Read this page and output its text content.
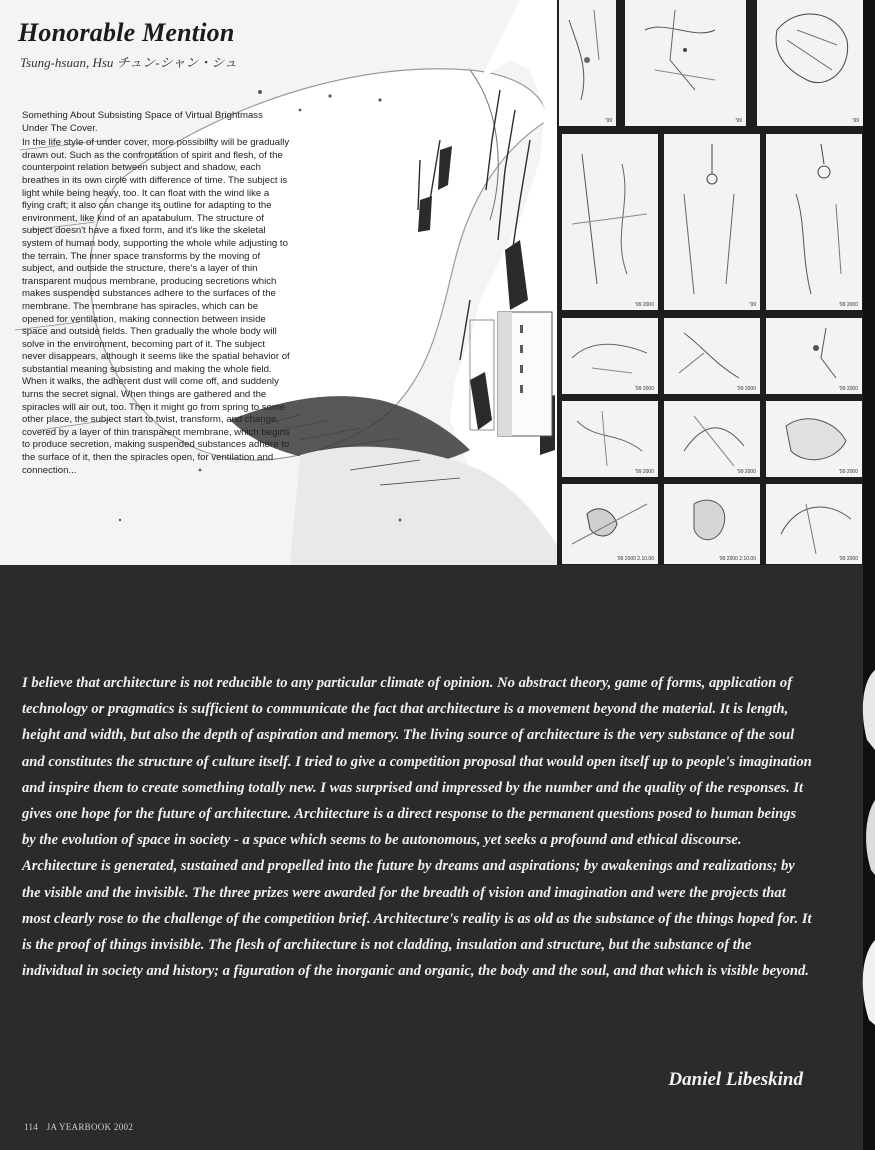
Honorable Mention
Tsung-hsuan, Hsu チュン-シャン・シュ

Something About Subsisting Space of Virtual Brightmass Under The Cover.

In the life style of under cover, more possibility will be gradually drawn out. Such as the confrontation of spirit and flesh, of the counterpoint relation between subject and shadow, each breathes in its own circle with difference of time. The subject is light while being heavy, too. It can float with the wind like a flying craft; it also can change its outline for adapting to the environment, like kind of an apatabulum. The structure of subject doesn't have a fixed form, and it's like the skeletal system of human body, supporting the whole while adjusting to the terrain. The inner space transforms by the moving of subject, and outside the structure, there's a layer of thin transparent mucous membrane, producing secretions which makes suspended substances adhere to the surfaces of the membrane. The membrane has spiracles, which can be opened for ventilation, making connection between inside space and outside fields. Then gradually the whole body will solve in the environment, becoming part of it. The subject never disappears, although it seems like the spatial behavior of substantial meaning subsisting and making the whole field. When it walks, the adherent dust will come off, and suddenly turns the secret signal. When things are gathered and the spiracles will air out, too. Then it might go from spring to some other place, the subject start to twist, transform, and change, covered by a layer of thin transparent membrane, which begins to produce secretion, making suspended substances adhere to the surface of it, then the spiracles open, for ventilation and connection...

'99	'99	'99
'99 2000	'99	'99 2000
'99 2000	'99 2000	'99 2000
'99 2000	'99 2000	'99 2000
'99 2000 2.10.00	'99 2000 2.10.00	'99 2000

I believe that architecture is not reducible to any particular climate of opinion. No abstract theory, game of forms, application of technology or pragmatics is sufficient to communicate the fact that architecture is a movement beyond the material. It is length, height and width, but also the depth of aspiration and memory. The living source of architecture is the very substance of the soul and constitutes the structure of culture itself. I tried to give a competition proposal that would open itself up to people's imagination and inspire them to create something totally new. I was surprised and impressed by the number and the quality of the responses. It gives one hope for the future of architecture. Architecture is a direct response to the permanent questions posed to human beings by the evolution of space in society - a space which seems to be autonomous, yet seeks a profound and ethical discourse. Architecture is generated, sustained and propelled into the future by dreams and aspirations; by awakenings and realizations; by the visible and the invisible. The three prizes were awarded for the breadth of vision and imagination and were the projects that most clearly rose to the challenge of the competition brief. Architecture's reality is as old as the substance of the things hoped for. It is the proof of things invisible. The flesh of architecture is not cladding, insulation and structure, but the substance of the individual in society and history; a figuration of the inorganic and organic, the body and the soul, and that which is visible beyond.

Daniel Libeskind
114 JA YEARBOOK 2002
